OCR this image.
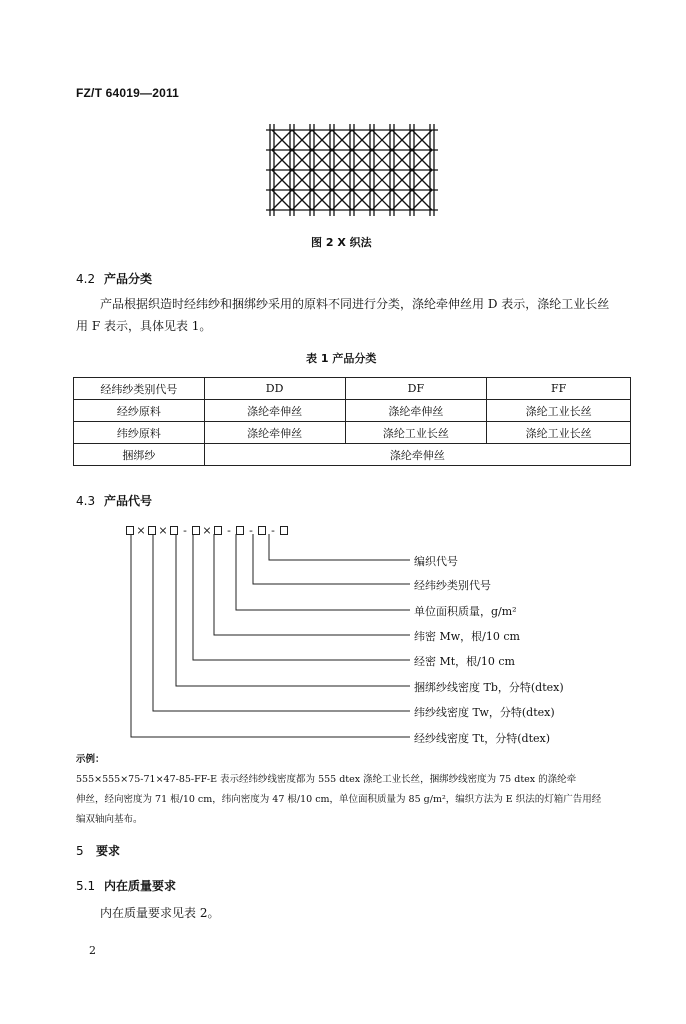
FZ/T 64019—2011
图 2 X 织法
4.2 产品分类
产品根据织造时经纬纱和捆绑纱采用的原料不同进行分类，涤纶牵伸丝用 D 表示，涤纶工业长丝
用 F 表示，具体见表 1。
表 1 产品分类
经纬纱类别代号	DD	DF	FF
经纱原料	涤纶牵伸丝	涤纶牵伸丝	涤纶工业长丝
纬纱原料	涤纶牵伸丝	涤纶工业长丝	涤纶工业长丝
捆绑纱	涤纶牵伸丝		
4.3 产品代号
× × - × - - -
编织代号
经纬纱类别代号
单位面积质量，g/m²
纬密 Mw，根/10 cm
经密 Mt，根/10 cm
捆绑纱线密度 Tb，分特(dtex)
纬纱线密度 Tw，分特(dtex)
经纱线密度 Tt，分特(dtex)
示例：
555×555×75-71×47-85-FF-E 表示经纬纱线密度都为 555 dtex 涤纶工业长丝，捆绑纱线密度为 75 dtex 的涤纶牵
伸丝，经向密度为 71 根/10 cm，纬向密度为 47 根/10 cm，单位面积质量为 85 g/m²，编织方法为 E 织法的灯箱广告用经
编双轴向基布。
5 要求
5.1 内在质量要求
内在质量要求见表 2。
2
